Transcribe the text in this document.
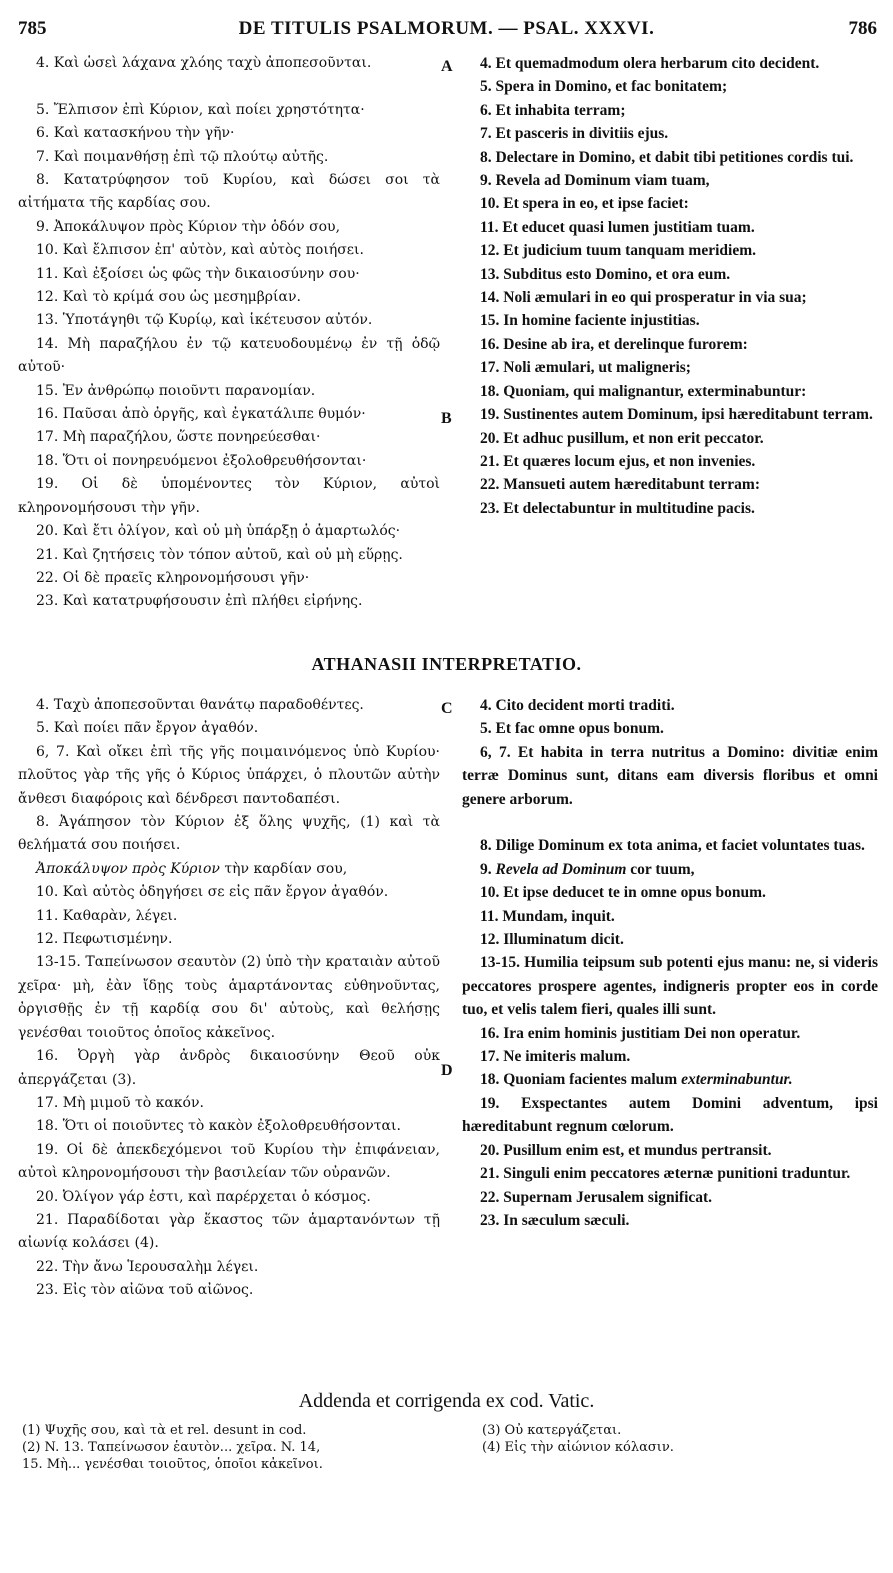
785	DE TITULIS PSALMORUM. — PSAL. XXXVI.	786

4. Καὶ ὡσεὶ λάχανα χλόης ταχὺ ἀποπεσοῦνται.

5. Ἔλπισον ἐπὶ Κύριον, καὶ ποίει χρηστότητα·

6. Καὶ κατασκήνου τὴν γῆν·

7. Καὶ ποιμανθήσῃ ἐπὶ τῷ πλούτῳ αὐτῆς.

8. Κατατρύφησον τοῦ Κυρίου, καὶ δώσει σοι τὰ αἰτήματα τῆς καρδίας σου.

9. Ἀποκάλυψον πρὸς Κύριον τὴν ὁδόν σου,

10. Καὶ ἔλπισον ἐπ' αὐτὸν, καὶ αὐτὸς ποιήσει.

11. Καὶ ἐξοίσει ὡς φῶς τὴν δικαιοσύνην σου·

12. Καὶ τὸ κρίμά σου ὡς μεσημβρίαν.

13. Ὑποτάγηθι τῷ Κυρίῳ, καὶ ἱκέτευσον αὐτόν.

14. Μὴ παραζήλου ἐν τῷ κατευοδουμένῳ ἐν τῇ ὁδῷ αὐτοῦ·

15. Ἐν ἀνθρώπῳ ποιοῦντι παρανομίαν.

16. Παῦσαι ἀπὸ ὀργῆς, καὶ ἐγκατάλιπε θυμόν·

17. Μὴ παραζήλου, ὥστε πονηρεύεσθαι·

18. Ὅτι οἱ πονηρευόμενοι ἐξολοθρευθήσονται·

19. Οἱ δὲ ὑπομένοντες τὸν Κύριον, αὐτοὶ κληρονομήσουσι τὴν γῆν.

20. Καὶ ἔτι ὀλίγον, καὶ οὐ μὴ ὑπάρξῃ ὁ ἁμαρτωλός·

21. Καὶ ζητήσεις τὸν τόπον αὐτοῦ, καὶ οὐ μὴ εὕρῃς.

22. Οἱ δὲ πραεῖς κληρονομήσουσι γῆν·

23. Καὶ κατατρυφήσουσιν ἐπὶ πλήθει εἰρήνης.

A
B

4. Et quemadmodum olera herbarum cito decident.

5. Spera in Domino, et fac bonitatem;

6. Et inhabita terram;

7. Et pasceris in divitiis ejus.

8. Delectare in Domino, et dabit tibi petitiones cordis tui.

9. Revela ad Dominum viam tuam,

10. Et spera in eo, et ipse faciet:

11. Et educet quasi lumen justitiam tuam.

12. Et judicium tuum tanquam meridiem.

13. Subditus esto Domino, et ora eum.

14. Noli æmulari in eo qui prosperatur in via sua;

15. In homine faciente injustitias.

16. Desine ab ira, et derelinque furorem:

17. Noli æmulari, ut maligneris;

18. Quoniam, qui malignantur, exterminabuntur:

19. Sustinentes autem Dominum, ipsi hæreditabunt terram.

20. Et adhuc pusillum, et non erit peccator.

21. Et quæres locum ejus, et non invenies.

22. Mansueti autem hæreditabunt terram:

23. Et delectabuntur in multitudine pacis.

ATHANASII INTERPRETATIO.

4. Ταχὺ ἀποπεσοῦνται θανάτῳ παραδοθέντες.

5. Καὶ ποίει πᾶν ἔργον ἀγαθόν.

6, 7. Καὶ οἴκει ἐπὶ τῆς γῆς ποιμαινόμενος ὑπὸ Κυρίου· πλοῦτος γὰρ τῆς γῆς ὁ Κύριος ὑπάρχει, ὁ πλουτῶν αὐτὴν ἄνθεσι διαφόροις καὶ δένδρεσι παντοδαπέσι.

8. Ἀγάπησον τὸν Κύριον ἐξ ὅλης ψυχῆς, (1) καὶ τὰ θελήματά σου ποιήσει.

Ἀποκάλυψον πρὸς Κύριον τὴν καρδίαν σου,

10. Καὶ αὐτὸς ὁδηγήσει σε εἰς πᾶν ἔργον ἀγαθόν.

11. Καθαρὰν, λέγει.

12. Πεφωτισμένην.

13-15. Ταπείνωσον σεαυτὸν (2) ὑπὸ τὴν κραταιὰν αὐτοῦ χεῖρα· μὴ, ἐὰν ἴδῃς τοὺς ἁμαρτάνοντας εὐθηνοῦντας, ὀργισθῇς ἐν τῇ καρδίᾳ σου δι' αὐτοὺς, καὶ θελήσῃς γενέσθαι τοιοῦτος ὁποῖος κἀκεῖνος.

16. Ὀργὴ γὰρ ἀνδρὸς δικαιοσύνην Θεοῦ οὐκ ἀπεργάζεται (3).

17. Μὴ μιμοῦ τὸ κακόν.

18. Ὅτι οἱ ποιοῦντες τὸ κακὸν ἐξολοθρευθήσονται.

19. Οἱ δὲ ἀπεκδεχόμενοι τοῦ Κυρίου τὴν ἐπιφάνειαν, αὐτοὶ κληρονομήσουσι τὴν βασιλείαν τῶν οὐρανῶν.

20. Ὀλίγον γάρ ἐστι, καὶ παρέρχεται ὁ κόσμος.

21. Παραδίδοται γὰρ ἕκαστος τῶν ἁμαρτανόντων τῇ αἰωνίᾳ κολάσει (4).

22. Τὴν ἄνω Ἱερουσαλὴμ λέγει.

23. Εἰς τὸν αἰῶνα τοῦ αἰῶνος.

C
D

4. Cito decident morti traditi.

5. Et fac omne opus bonum.

6, 7. Et habita in terra nutritus a Domino: divitiæ enim terræ Dominus sunt, ditans eam diversis floribus et omni genere arborum.

8. Dilige Dominum ex tota anima, et faciet voluntates tuas.

9. Revela ad Dominum cor tuum,

10. Et ipse deducet te in omne opus bonum.

11. Mundam, inquit.

12. Illuminatum dicit.

13-15. Humilia teipsum sub potenti ejus manu: ne, si videris peccatores prospere agentes, indigneris propter eos in corde tuo, et velis talem fieri, quales illi sunt.

16. Ira enim hominis justitiam Dei non operatur.

17. Ne imiteris malum.

18. Quoniam facientes malum exterminabuntur.

19. Exspectantes autem Domini adventum, ipsi hæreditabunt regnum cœlorum.

20. Pusillum enim est, et mundus pertransit.

21. Singuli enim peccatores æternæ punitioni traduntur.

22. Supernam Jerusalem significat.

23. In sæculum sæculi.

Addenda et corrigenda ex cod. Vatic.
(1) Ψυχῆς σου, καὶ τὰ et rel. desunt in cod.
(2) N. 13. Ταπείνωσον ἑαυτὸν... χεῖρα. N. 14,
15. Μὴ... γενέσθαι τοιοῦτος, ὁποῖοι κἀκεῖνοι.
(3) Οὐ κατεργάζεται.
(4) Εἰς τὴν αἰώνιον κόλασιν.
